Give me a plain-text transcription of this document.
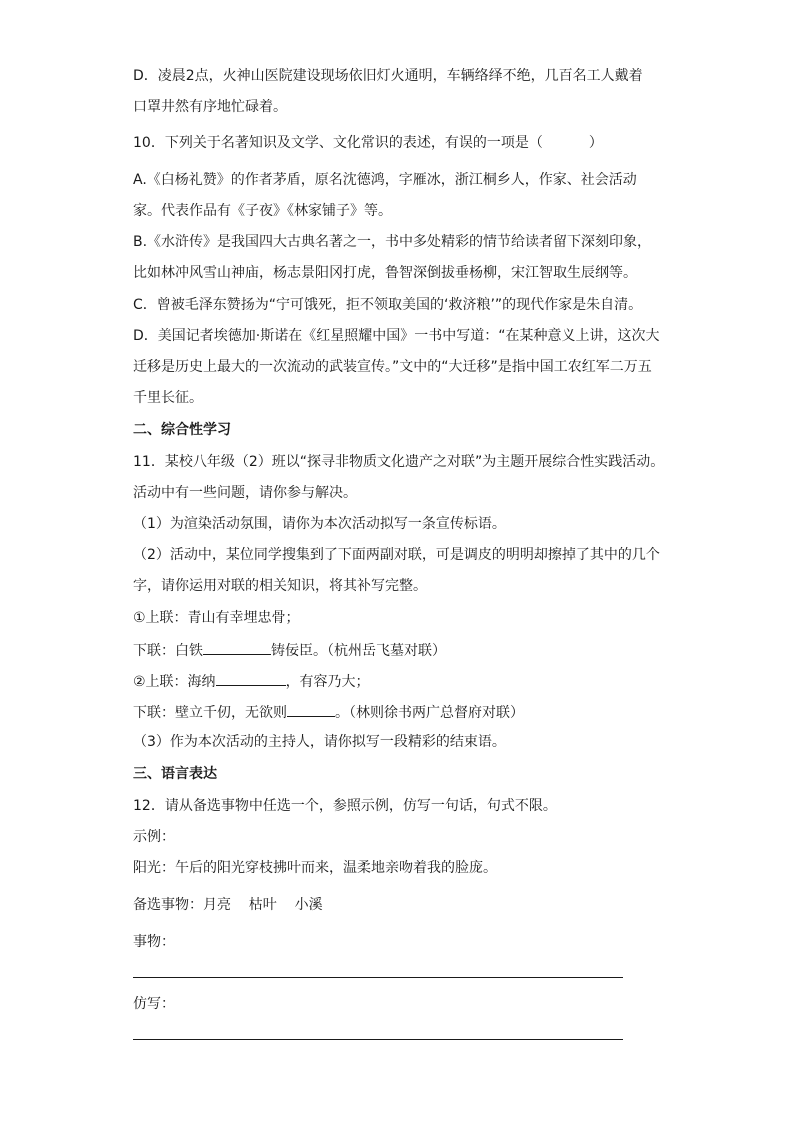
D．凌晨2点，火神山医院建设现场依旧灯火通明，车辆络绎不绝，几百名工人戴着
口罩井然有序地忙碌着。
10．下列关于名著知识及文学、文化常识的表述，有误的一项是（	）
A.《白杨礼赞》的作者茅盾，原名沈德鸿，字雁冰，浙江桐乡人，作家、社会活动
家。代表作品有《子夜》《林家铺子》等。
B.《水浒传》是我国四大古典名著之一，书中多处精彩的情节给读者留下深刻印象，
比如林冲风雪山神庙，杨志景阳冈打虎，鲁智深倒拔垂杨柳，宋江智取生辰纲等。
C．曾被毛泽东赞扬为“宁可饿死，拒不领取美国的‘救济粮’”的现代作家是朱自清。
D．美国记者埃德加·斯诺在《红星照耀中国》一书中写道：“在某种意义上讲，这次大
迁移是历史上最大的一次流动的武装宣传。”文中的“大迁移”是指中国工农红军二万五
千里长征。
二、综合性学习
11．某校八年级（2）班以“探寻非物质文化遗产之对联”为主题开展综合性实践活动。
活动中有一些问题，请你参与解决。
（1）为渲染活动氛围，请你为本次活动拟写一条宣传标语。
（2）活动中，某位同学搜集到了下面两副对联，可是调皮的明明却擦掉了其中的几个
字，请你运用对联的相关知识，将其补写完整。
①上联：青山有幸埋忠骨；
下联：白铁	铸佞臣。（杭州岳飞墓对联）
②上联：海纳	，有容乃大；
下联：壁立千仞，无欲则	。（林则徐书两广总督府对联）
（3）作为本次活动的主持人，请你拟写一段精彩的结束语。
三、语言表达
12．请从备选事物中任选一个，参照示例，仿写一句话，句式不限。
示例：
阳光：午后的阳光穿枝拂叶而来，温柔地亲吻着我的脸庞。
备选事物：月亮    枯叶    小溪
事物：
仿写：
